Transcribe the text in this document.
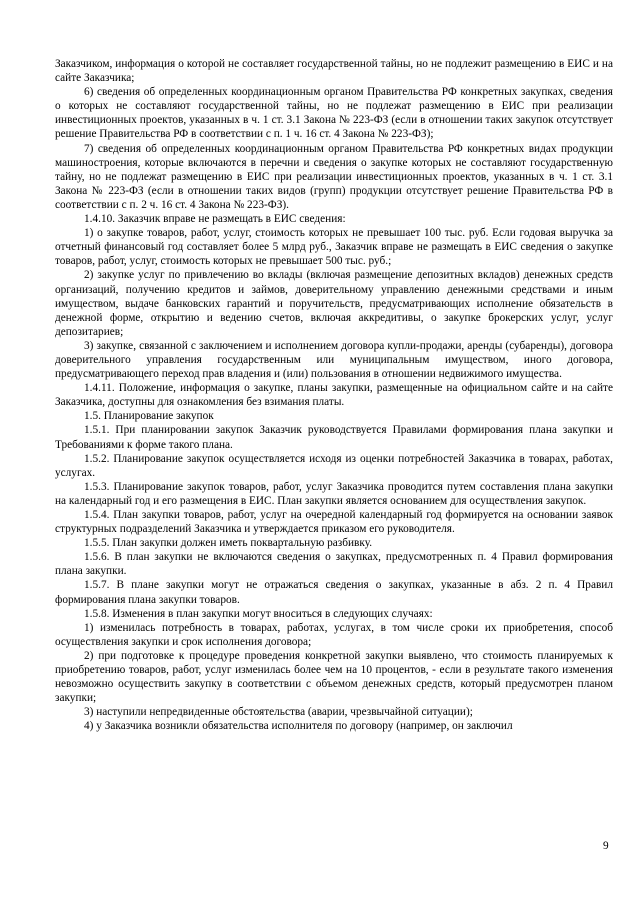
Заказчиком, информация о которой не составляет государственной тайны, но не подлежит размещению в ЕИС и на сайте Заказчика;

6) сведения об определенных координационным органом Правительства РФ конкретных закупках, сведения о которых не составляют государственной тайны, но не подлежат размещению в ЕИС при реализации инвестиционных проектов, указанных в ч. 1 ст. 3.1 Закона № 223-ФЗ (если в отношении таких закупок отсутствует решение Правительства РФ в соответствии с п. 1 ч. 16 ст. 4 Закона № 223-ФЗ);

7) сведения об определенных координационным органом Правительства РФ конкретных видах продукции машиностроения, которые включаются в перечни и сведения о закупке которых не составляют государственную тайну, но не подлежат размещению в ЕИС при реализации инвестиционных проектов, указанных в ч. 1 ст. 3.1 Закона № 223-ФЗ (если в отношении таких видов (групп) продукции отсутствует решение Правительства РФ в соответствии с п. 2 ч. 16 ст. 4 Закона № 223-ФЗ).

1.4.10. Заказчик вправе не размещать в ЕИС сведения:

1) о закупке товаров, работ, услуг, стоимость которых не превышает 100 тыс. руб. Если годовая выручка за отчетный финансовый год составляет более 5 млрд руб., Заказчик вправе не размещать в ЕИС сведения о закупке товаров, работ, услуг, стоимость которых не превышает 500 тыс. руб.;

2) закупке услуг по привлечению во вклады (включая размещение депозитных вкладов) денежных средств организаций, получению кредитов и займов, доверительному управлению денежными средствами и иным имуществом, выдаче банковских гарантий и поручительств, предусматривающих исполнение обязательств в денежной форме, открытию и ведению счетов, включая аккредитивы, о закупке брокерских услуг, услуг депозитариев;

3) закупке, связанной с заключением и исполнением договора купли-продажи, аренды (субаренды), договора доверительного управления государственным или муниципальным имуществом, иного договора, предусматривающего переход прав владения и (или) пользования в отношении недвижимого имущества.

1.4.11. Положение, информация о закупке, планы закупки, размещенные на официальном сайте и на сайте Заказчика, доступны для ознакомления без взимания платы.

1.5. Планирование закупок

1.5.1. При планировании закупок Заказчик руководствуется Правилами формирования плана закупки и Требованиями к форме такого плана.

1.5.2. Планирование закупок осуществляется исходя из оценки потребностей Заказчика в товарах, работах, услугах.

1.5.3. Планирование закупок товаров, работ, услуг Заказчика проводится путем составления плана закупки на календарный год и его размещения в ЕИС. План закупки является основанием для осуществления закупок.

1.5.4. План закупки товаров, работ, услуг на очередной календарный год формируется на основании заявок структурных подразделений Заказчика и утверждается приказом его руководителя.

1.5.5. План закупки должен иметь поквартальную разбивку.

1.5.6. В план закупки не включаются сведения о закупках, предусмотренных п. 4 Правил формирования плана закупки.

1.5.7. В плане закупки могут не отражаться сведения о закупках, указанные в абз. 2 п. 4 Правил формирования плана закупки товаров.

1.5.8. Изменения в план закупки могут вноситься в следующих случаях:

1) изменилась потребность в товарах, работах, услугах, в том числе сроки их приобретения, способ осуществления закупки и срок исполнения договора;

2) при подготовке к процедуре проведения конкретной закупки выявлено, что стоимость планируемых к приобретению товаров, работ, услуг изменилась более чем на 10 процентов, - если в результате такого изменения невозможно осуществить закупку в соответствии с объемом денежных средств, который предусмотрен планом закупки;

3) наступили непредвиденные обстоятельства (аварии, чрезвычайной ситуации);

4) у Заказчика возникли обязательства исполнителя по договору (например, он заключил

9
